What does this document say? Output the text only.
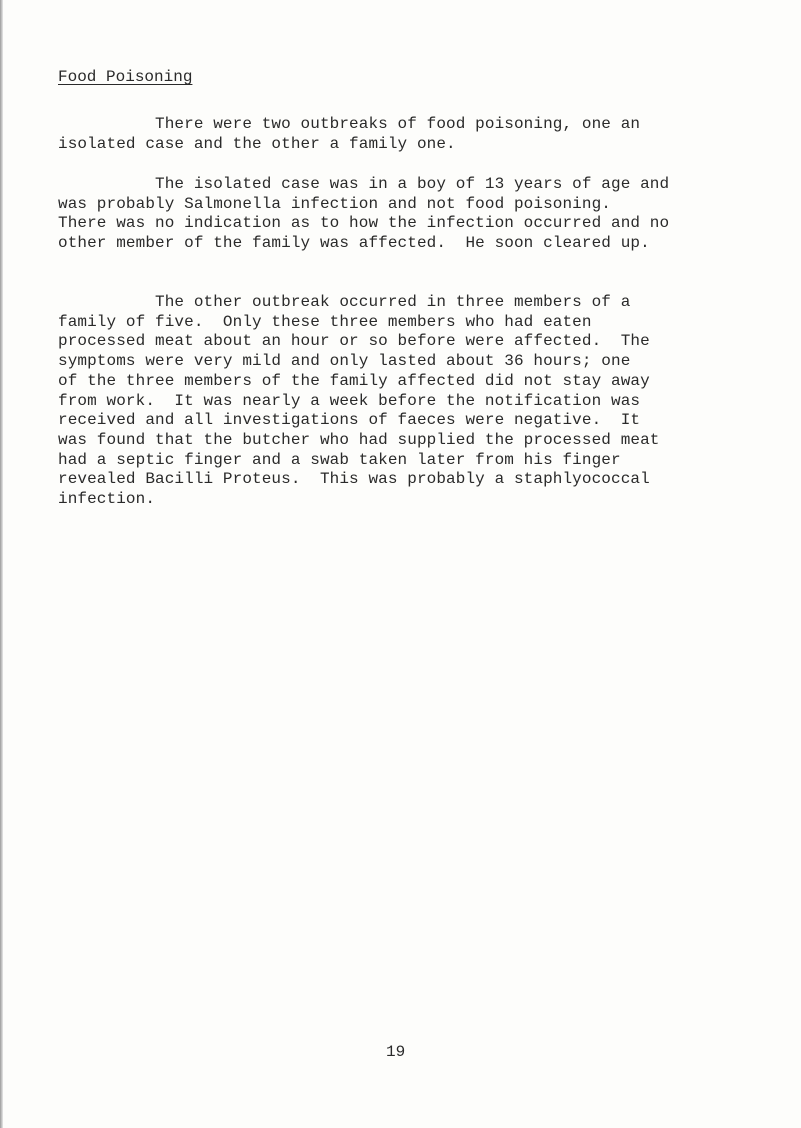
Food Poisoning

There were two outbreaks of food poisoning, one an
isolated case and the other a family one.

The isolated case was in a boy of 13 years of age and
was probably Salmonella infection and not food poisoning.
There was no indication as to how the infection occurred and no
other member of the family was affected.  He soon cleared up.

The other outbreak occurred in three members of a
family of five.  Only these three members who had eaten
processed meat about an hour or so before were affected.  The
symptoms were very mild and only lasted about 36 hours; one
of the three members of the family affected did not stay away
from work.  It was nearly a week before the notification was
received and all investigations of faeces were negative.  It
was found that the butcher who had supplied the processed meat
had a septic finger and a swab taken later from his finger
revealed Bacilli Proteus.  This was probably a staphlyococcal
infection.

19
